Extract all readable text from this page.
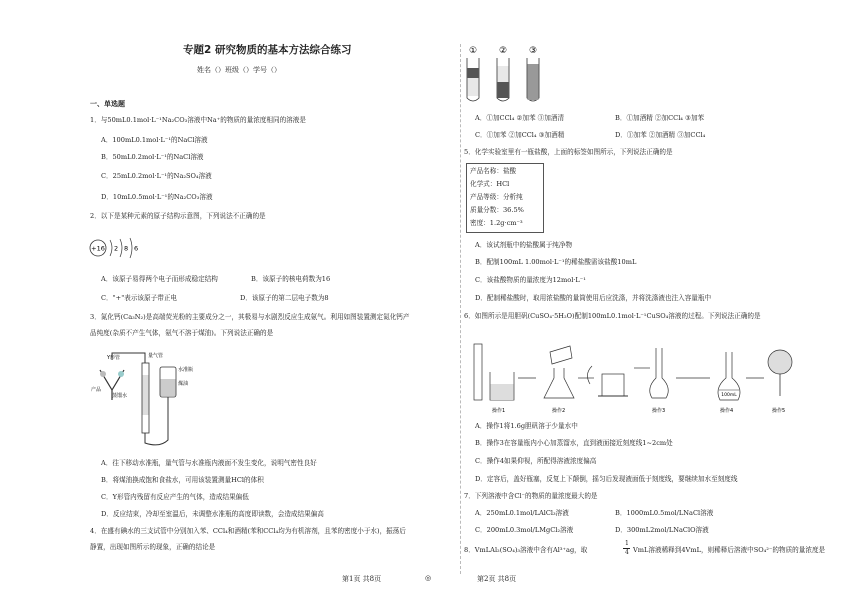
专题2 研究物质的基本方法综合练习
姓名（）班级（）学号（）
一、单选题
1．与50mL0.1mol·L⁻¹Na₂CO₃溶液中Na⁺的物质的量浓度相同的溶液是
A．100mL0.1mol·L⁻¹的NaCl溶液
B．50mL0.2mol·L⁻¹的NaCl溶液
C．25mL0.2mol·L⁻¹的Na₂SO₄溶液
D．10mL0.5mol·L⁻¹的Na₂CO₃溶液
2．以下是某种元素的原子结构示意图，下列说法不正确的是
+16 2 8 6
A．该原子易得两个电子而形成稳定结构	B．该原子的核电荷数为16
C．"+"表示该原子带正电	D．该原子的第二层电子数为8
3．氮化钙(Ca₃N₂)是高端荧光粉的主要成分之一，其极易与水剧烈反应生成氨气。利用如图装置测定氮化钙产
品纯度(杂质不产生气体，氨气不溶于煤油)。下列说法正确的是
Y形管
产品
蒸馏水
量气管
水准瓶
煤油
A．往下移动水准瓶，量气管与水准瓶内液面不发生变化，说明气密性良好
B．将煤油换成饱和食盐水，可用该装置测量HCl的体积
C．Y形管内残留有反应产生的气体，造成结果偏低
D．反应结束，冷却至室温后，未调整水准瓶的高度即读数，会造成结果偏高
4．在盛有碘水的三支试管中分别加入苯、CCl₄和酒精(苯和CCl₄均为有机溶剂，且苯的密度小于水)，振荡后
静置，出现如图所示的现象，正确的结论是
① ② ③
A．①加CCl₄ ②加苯 ③加酒清	B．①加酒精 ②加CCl₄ ③加苯
C．①加苯 ②加CCl₄ ③加酒精	D．①加苯 ②加酒精 ③加CCl₄
5．化学实验室里有一瓶盐酸，上面的标签如图所示，下列说法正确的是
产品名称：盐酸
化学式：HCl
产品等级：分析纯
质量分数：36.5%
密度：1.2g·cm⁻³
A．该试剂瓶中的盐酸属于纯净物
B．配制100mL 1.00mol·L⁻¹的稀盐酸需该盐酸10mL
C．该盐酸物质的量浓度为12mol·L⁻¹
D．配制稀盐酸时，取用浓盐酸的量筒使用后应洗涤，并将洗涤液也注入容量瓶中
6．如图所示是用胆矾(CuSO₄·5H₂O)配制100mL0.1mol·L⁻¹CuSO₄溶液的过程。下列说法正确的是
100mL
操作1	操作2	操作3	操作4	操作5
A．操作1将1.6g胆矾溶于少量水中
B．操作3在容量瓶内小心加蒸馏水，直到液面接近刻度线1~2cm处
C．操作4如果仰视，所配得溶液浓度偏高
D．定容后，盖好瓶塞，反复上下颠倒，摇匀后发现液面低于刻度线，要继续加水至刻度线
7．下列溶液中含Cl⁻的物质的量浓度最大的是
A．250mL0.1mol/LAlCl₃溶液	B．1000mL0.5mol/LNaCl溶液
C．200mL0.3mol/LMgCl₂溶液	D．300mL2mol/LNaClO溶液
8．VmLAl₂(SO₄)₃溶液中含有Al³⁺ag，取
1
4 VmL溶液稀释到4VmL，则稀释后溶液中SO₄²⁻的物质的量浓度是
第1页 共8页	◎	第2页 共8页
